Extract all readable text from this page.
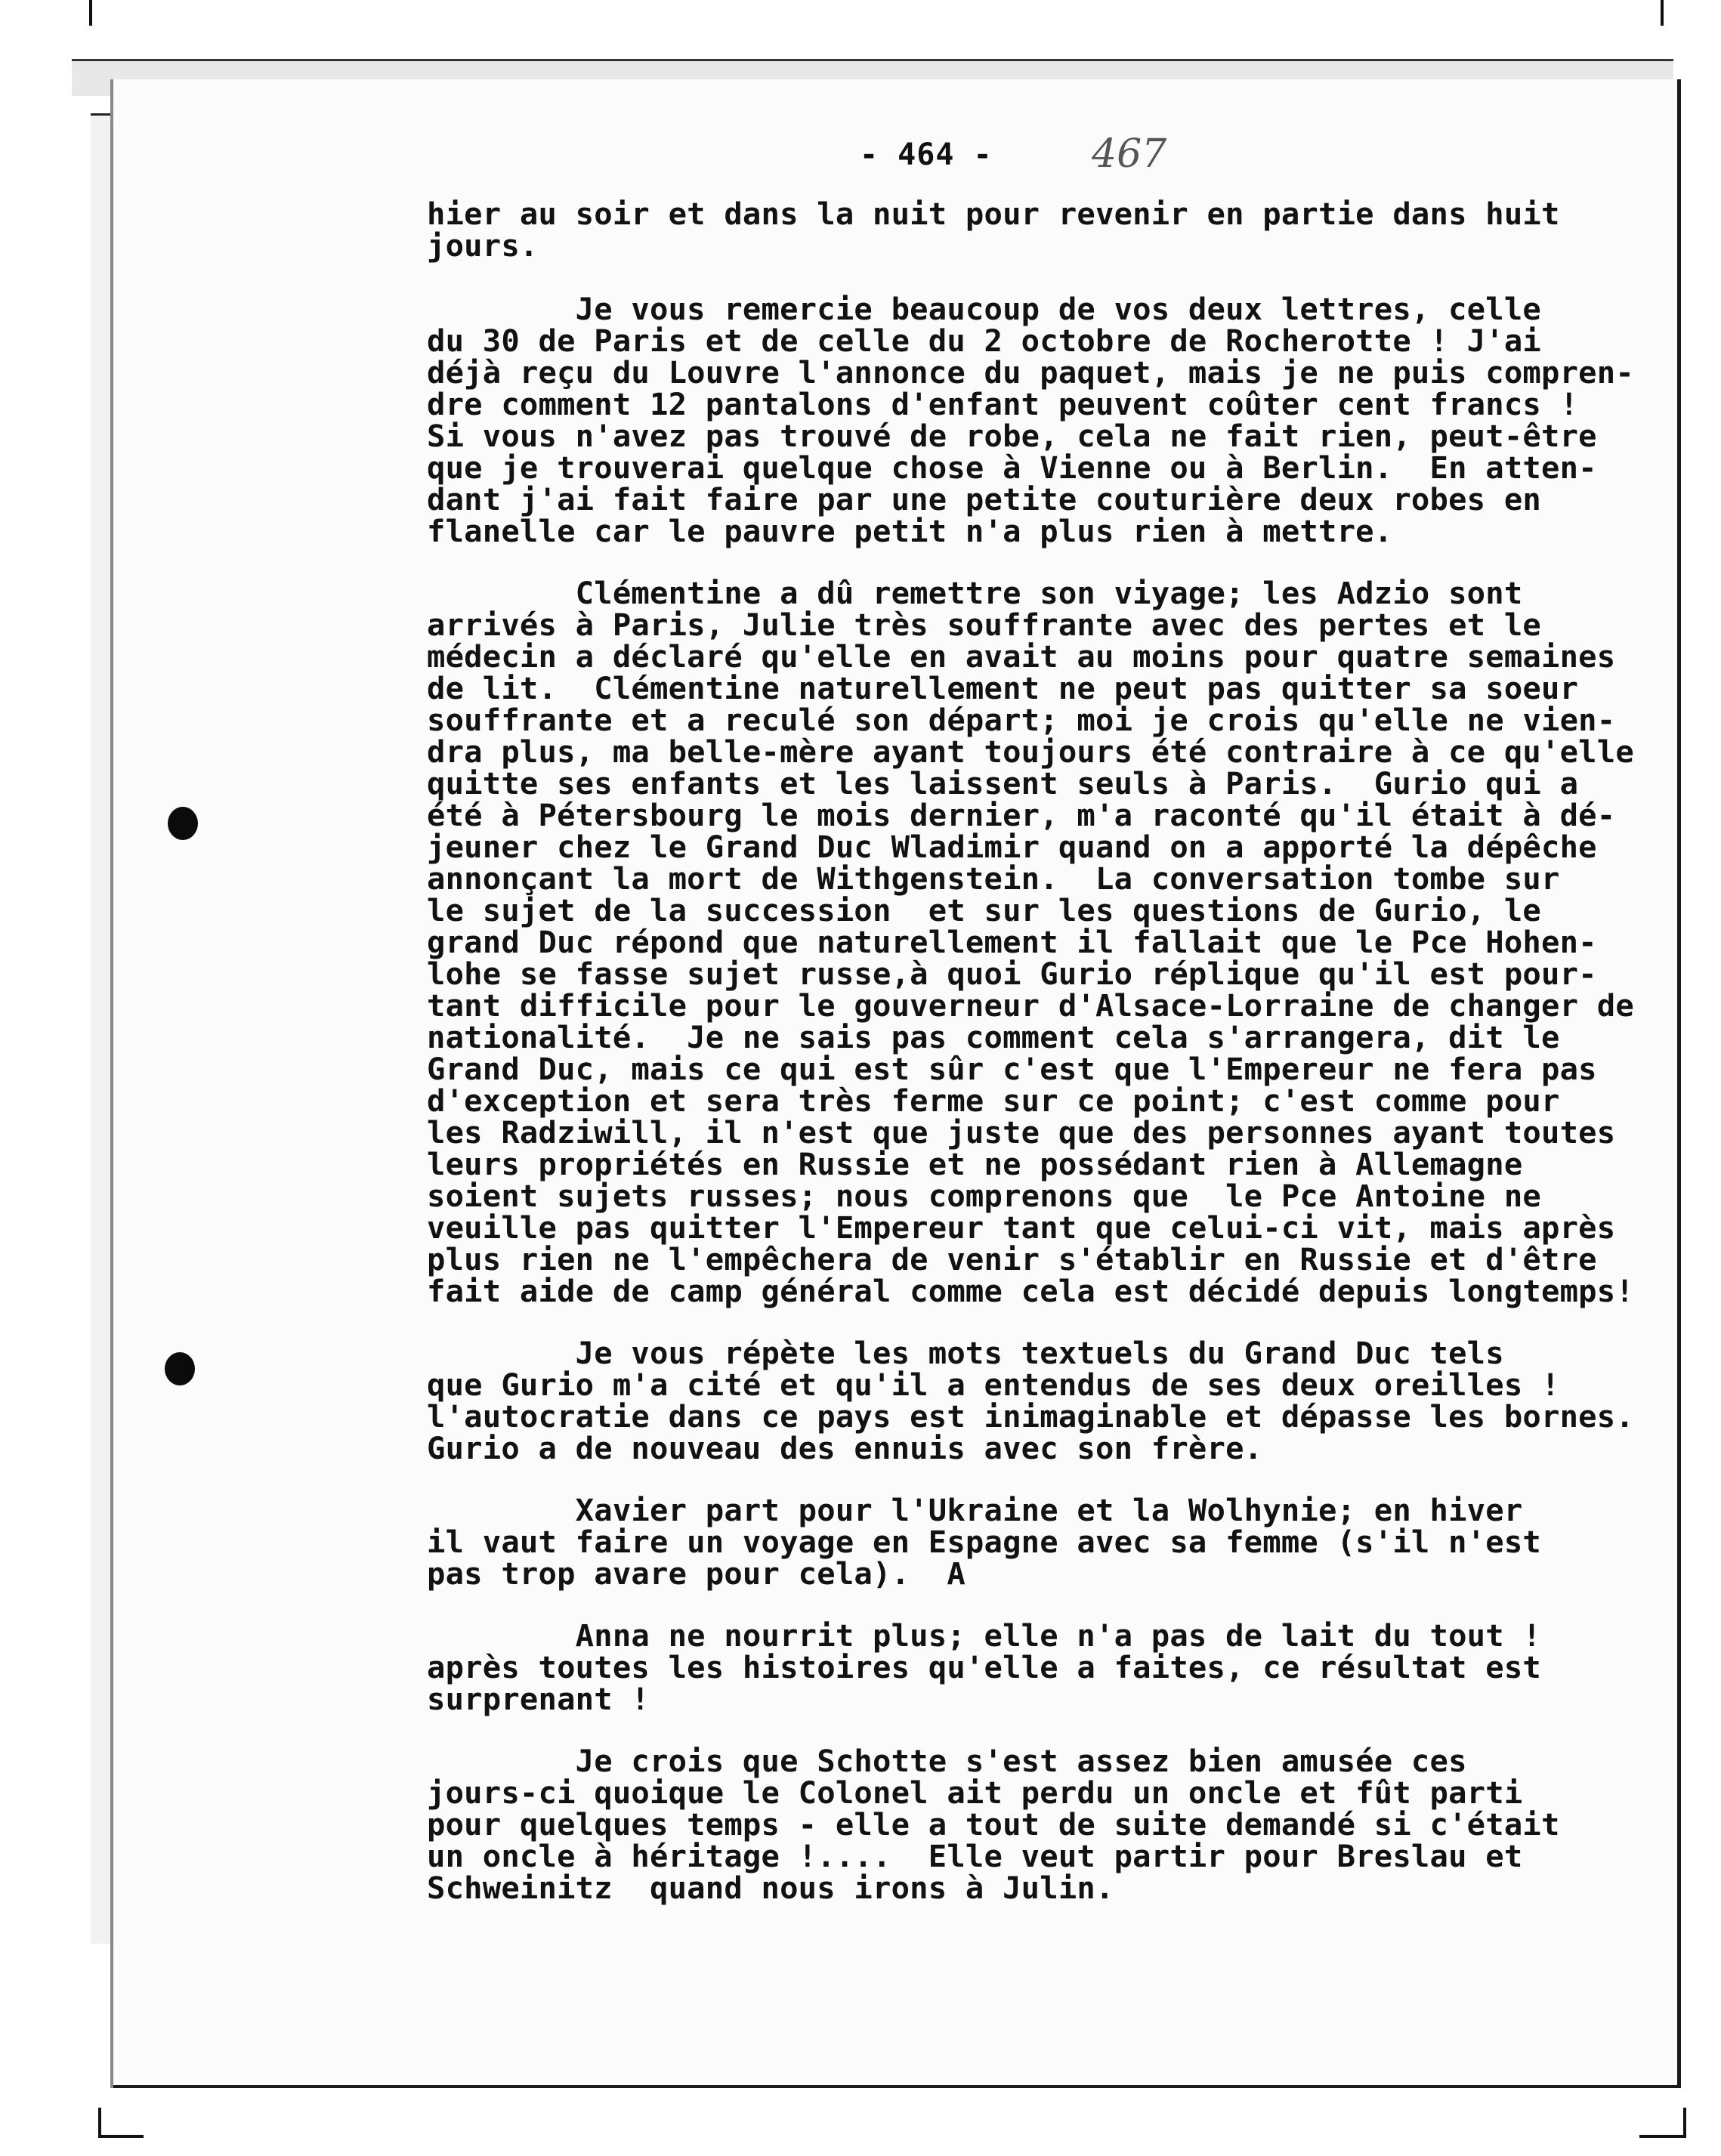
- 464 -	467
hier au soir et dans la nuit pour revenir en partie dans huit
jours.
Je vous remercie beaucoup de vos deux lettres, celle
du 30 de Paris et de celle du 2 octobre de Rocherotte ! J'ai
déjà reçu du Louvre l'annonce du paquet, mais je ne puis compren-
dre comment 12 pantalons d'enfant peuvent coûter cent francs !
Si vous n'avez pas trouvé de robe, cela ne fait rien, peut-être
que je trouverai quelque chose à Vienne ou à Berlin.  En atten-
dant j'ai fait faire par une petite couturière deux robes en
flanelle car le pauvre petit n'a plus rien à mettre.
Clémentine a dû remettre son viyage; les Adzio sont
arrivés à Paris, Julie très souffrante avec des pertes et le
médecin a déclaré qu'elle en avait au moins pour quatre semaines
de lit.  Clémentine naturellement ne peut pas quitter sa soeur
souffrante et a reculé son départ; moi je crois qu'elle ne vien-
dra plus, ma belle-mère ayant toujours été contraire à ce qu'elle
quitte ses enfants et les laissent seuls à Paris.  Gurio qui a
été à Pétersbourg le mois dernier, m'a raconté qu'il était à dé-
jeuner chez le Grand Duc Wladimir quand on a apporté la dépêche
annonçant la mort de Withgenstein.  La conversation tombe sur
le sujet de la succession  et sur les questions de Gurio, le
grand Duc répond que naturellement il fallait que le Pce Hohen-
lohe se fasse sujet russe,à quoi Gurio réplique qu'il est pour-
tant difficile pour le gouverneur d'Alsace-Lorraine de changer de
nationalité.  Je ne sais pas comment cela s'arrangera, dit le
Grand Duc, mais ce qui est sûr c'est que l'Empereur ne fera pas
d'exception et sera très ferme sur ce point; c'est comme pour
les Radziwill, il n'est que juste que des personnes ayant toutes
leurs propriétés en Russie et ne possédant rien à Allemagne
soient sujets russes; nous comprenons que  le Pce Antoine ne
veuille pas quitter l'Empereur tant que celui-ci vit, mais après
plus rien ne l'empêchera de venir s'établir en Russie et d'être
fait aide de camp général comme cela est décidé depuis longtemps!
Je vous répète les mots textuels du Grand Duc tels
que Gurio m'a cité et qu'il a entendus de ses deux oreilles !
l'autocratie dans ce pays est inimaginable et dépasse les bornes.
Gurio a de nouveau des ennuis avec son frère.
Xavier part pour l'Ukraine et la Wolhynie; en hiver
il vaut faire un voyage en Espagne avec sa femme (s'il n'est
pas trop avare pour cela).  A
Anna ne nourrit plus; elle n'a pas de lait du tout !
après toutes les histoires qu'elle a faites, ce résultat est
surprenant !
Je crois que Schotte s'est assez bien amusée ces
jours-ci quoique le Colonel ait perdu un oncle et fût parti
pour quelques temps - elle a tout de suite demandé si c'était
un oncle à héritage !....  Elle veut partir pour Breslau et
Schweinitz  quand nous irons à Julin.
